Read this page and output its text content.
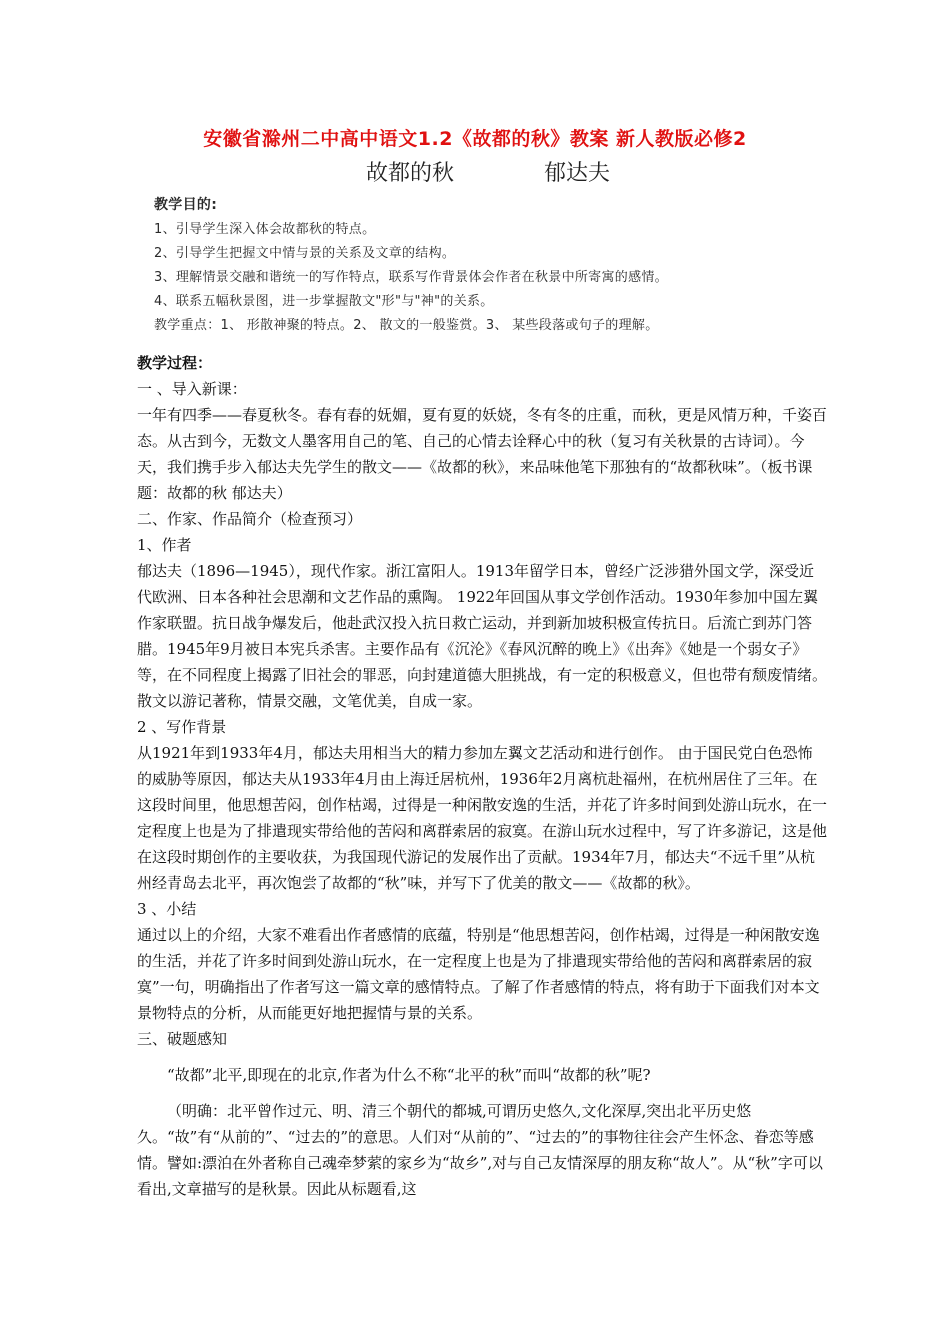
安徽省滁州二中高中语文1.2《故都的秋》教案 新人教版必修2
故都的秋	郁达夫
教学目的:
1、引导学生深入体会故都秋的特点。
2、引导学生把握文中情与景的关系及文章的结构。
3、理解情景交融和谐统一的写作特点，联系写作背景体会作者在秋景中所寄寓的感情。
4、联系五幅秋景图，进一步掌握散文"形"与"神"的关系。
教学重点：1、 形散神聚的特点。2、 散文的一般鉴赏。3、 某些段落或句子的理解。

教学过程：

一 、导入新课：

一年有四季——春夏秋冬。春有春的妩媚，夏有夏的妖娆，冬有冬的庄重，而秋，更是风情万种，千姿百态。从古到今，无数文人墨客用自己的笔、自己的心情去诠释心中的秋（复习有关秋景的古诗词）。今天，我们携手步入郁达夫先学生的散文——《故都的秋》，来品味他笔下那独有的“故都秋味”。（板书课题：故都的秋 郁达夫）

二、作家、作品简介（检查预习）

1、作者

郁达夫（1896—1945），现代作家。浙江富阳人。1913年留学日本，曾经广泛涉猎外国文学，深受近代欧洲、日本各种社会思潮和文艺作品的熏陶。 1922年回国从事文学创作活动。1930年参加中国左翼作家联盟。抗日战争爆发后，他赴武汉投入抗日救亡运动，并到新加坡积极宣传抗日。后流亡到苏门答腊。1945年9月被日本宪兵杀害。主要作品有《沉沦》《春风沉醉的晚上》《出奔》《她是一个弱女子》等，在不同程度上揭露了旧社会的罪恶，向封建道德大胆挑战，有一定的积极意义，但也带有颓废情绪。散文以游记著称，情景交融，文笔优美，自成一家。

2 、写作背景

从1921年到1933年4月，郁达夫用相当大的精力参加左翼文艺活动和进行创作。 由于国民党白色恐怖的威胁等原因，郁达夫从1933年4月由上海迁居杭州，1936年2月离杭赴福州，在杭州居住了三年。在这段时间里，他思想苦闷，创作枯竭，过得是一种闲散安逸的生活，并花了许多时间到处游山玩水，在一定程度上也是为了排遣现实带给他的苦闷和离群索居的寂寞。在游山玩水过程中，写了许多游记，这是他在这段时期创作的主要收获，为我国现代游记的发展作出了贡献。1934年7月，郁达夫“不远千里”从杭州经青岛去北平，再次饱尝了故都的“秋”味，并写下了优美的散文——《故都的秋》。

3 、小结

通过以上的介绍，大家不难看出作者感情的底蕴，特别是“他思想苦闷，创作枯竭，过得是一种闲散安逸的生活，并花了许多时间到处游山玩水，在一定程度上也是为了排遣现实带给他的苦闷和离群索居的寂寞”一句，明确指出了作者写这一篇文章的感情特点。了解了作者感情的特点，将有助于下面我们对本文景物特点的分析，从而能更好地把握情与景的关系。

三、破题感知

“故都”北平,即现在的北京,作者为什么不称“北平的秋”而叫“故都的秋”呢?

（明确：北平曾作过元、明、清三个朝代的都城,可谓历史悠久,文化深厚,突出北平历史悠久。“故”有“从前的”、“过去的”的意思。人们对“从前的”、“过去的”的事物往往会产生怀念、眷恋等感情。譬如:漂泊在外者称自己魂牵梦萦的家乡为“故乡”,对与自己友情深厚的朋友称“故人”。从“秋”字可以看出,文章描写的是秋景。因此从标题看,这
